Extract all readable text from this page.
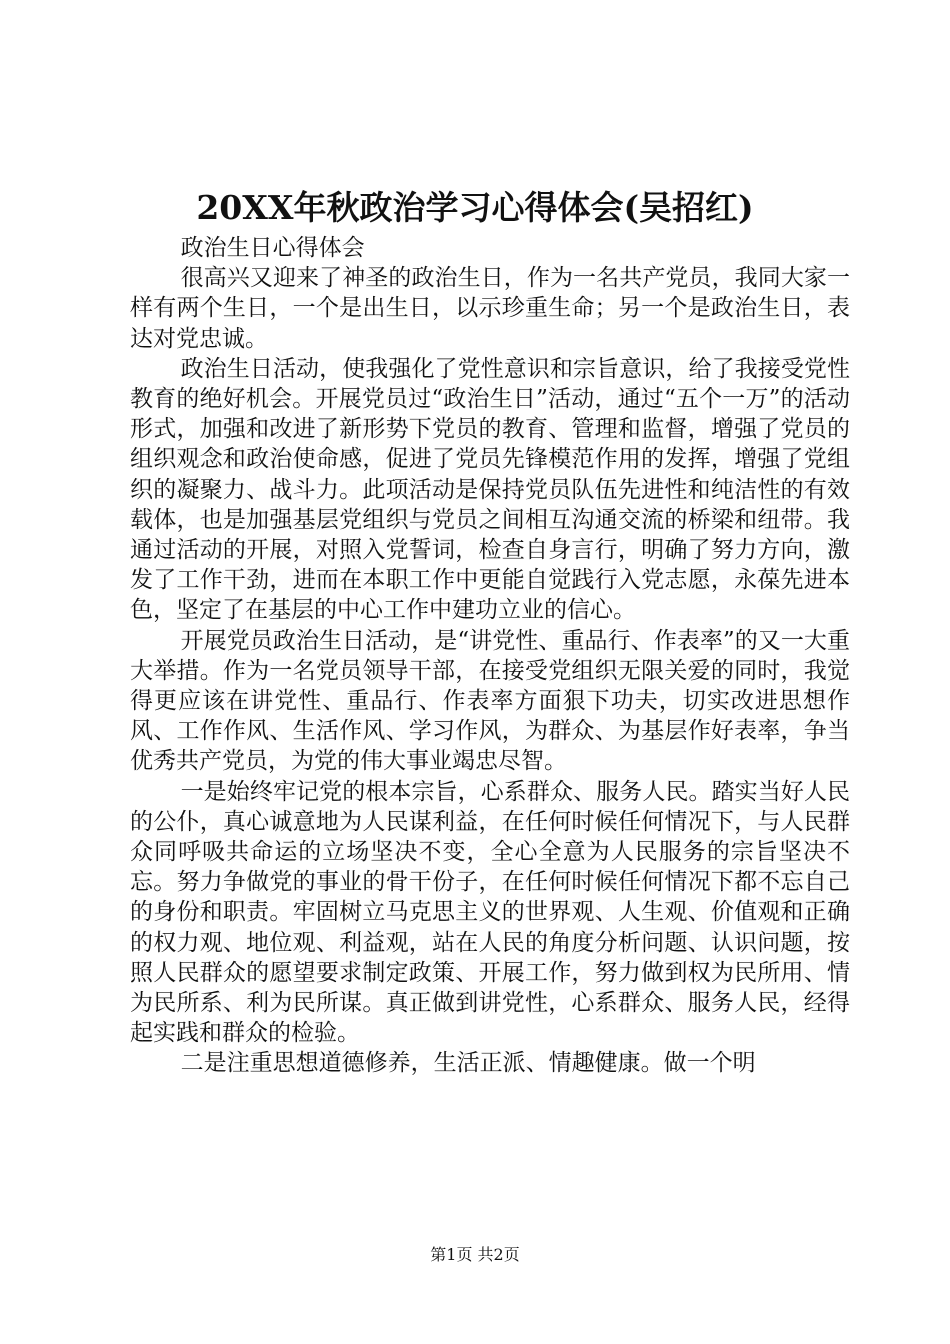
20XX年秋政治学习心得体会(吴招红)

政治生日心得体会

很高兴又迎来了神圣的政治生日，作为一名共产党员，我同大家一样有两个生日，一个是出生日，以示珍重生命；另一个是政治生日，表达对党忠诚。

政治生日活动，使我强化了党性意识和宗旨意识，给了我接受党性教育的绝好机会。开展党员过“政治生日”活动，通过“五个一万”的活动形式，加强和改进了新形势下党员的教育、管理和监督，增强了党员的组织观念和政治使命感，促进了党员先锋模范作用的发挥，增强了党组织的凝聚力、战斗力。此项活动是保持党员队伍先进性和纯洁性的有效载体，也是加强基层党组织与党员之间相互沟通交流的桥梁和纽带。我通过活动的开展，对照入党誓词，检查自身言行，明确了努力方向，激发了工作干劲，进而在本职工作中更能自觉践行入党志愿，永葆先进本色，坚定了在基层的中心工作中建功立业的信心。

开展党员政治生日活动，是“讲党性、重品行、作表率”的又一大重大举措。作为一名党员领导干部，在接受党组织无限关爱的同时，我觉得更应该在讲党性、重品行、作表率方面狠下功夫，切实改进思想作风、工作作风、生活作风、学习作风，为群众、为基层作好表率，争当优秀共产党员，为党的伟大事业竭忠尽智。

一是始终牢记党的根本宗旨，心系群众、服务人民。踏实当好人民的公仆，真心诚意地为人民谋利益，在任何时候任何情况下，与人民群众同呼吸共命运的立场坚决不变，全心全意为人民服务的宗旨坚决不忘。努力争做党的事业的骨干份子，在任何时候任何情况下都不忘自己的身份和职责。牢固树立马克思主义的世界观、人生观、价值观和正确的权力观、地位观、利益观，站在人民的角度分析问题、认识问题，按照人民群众的愿望要求制定政策、开展工作，努力做到权为民所用、情为民所系、利为民所谋。真正做到讲党性，心系群众、服务人民，经得起实践和群众的检验。

二是注重思想道德修养，生活正派、情趣健康。做一个明

第1页 共2页
